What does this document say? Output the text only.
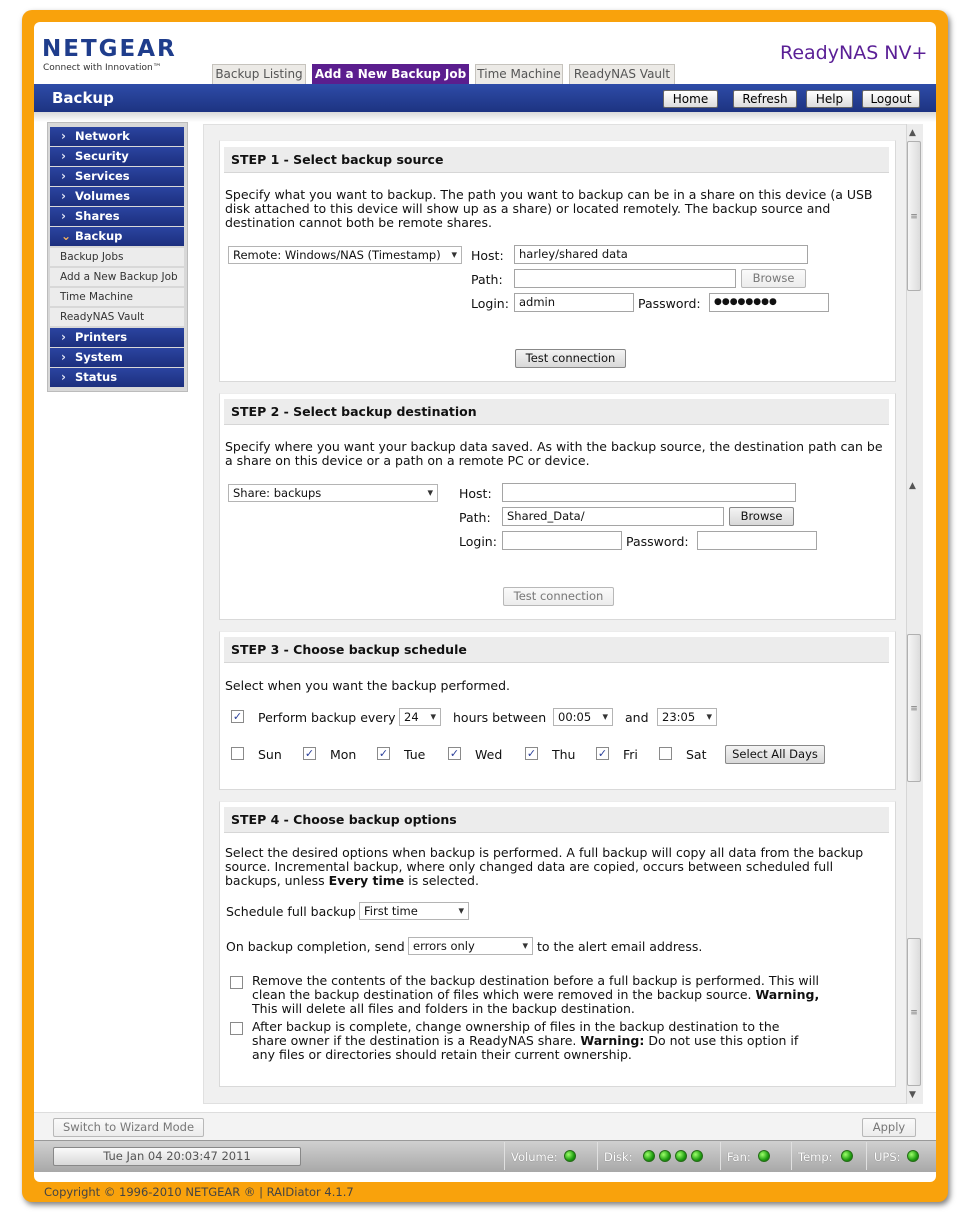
NETGEAR
Connect with Innovation™
ReadyNAS NV+
Backup Listing Add a New Backup Job Time Machine	ReadyNAS Vault
Backup	Home	Refresh	Help	Logout
› Network
› Security
› Services
› Volumes
› Shares
⌄ Backup
Backup Jobs
Add a New Backup Job
Time Machine
ReadyNAS Vault
› Printers
› System
› Status
▲
≡
▲
≡
≡
▼
STEP 1 - Select backup source
Specify what you want to backup. The path you want to backup can be in a share on this device (a USB
disk attached to this device will show up as a share) or located remotely. The backup source and
destination cannot both be remote shares.
Remote: Windows/NAS (Timestamp) ▾	Host:	harley/shared data
Path:	Browse
Login: admin	Password:	●●●●●●●●
Test connection
STEP 2 - Select backup destination
Specify where you want your backup data saved. As with the backup source, the destination path can be
a share on this device or a path on a remote PC or device.
Share: backups ▾	Host:
Path:	Shared_Data/	Browse
Login:	Password:
Test connection
STEP 3 - Choose backup schedule
Select when you want the backup performed.
✓ Perform backup every 24 ▾	hours between	00:05 ▾	and	23:05 ▾
Sun ✓ Mon ✓ Tue ✓ Wed ✓ Thu ✓ Fri	Sat	Select All Days
STEP 4 - Choose backup options
Select the desired options when backup is performed. A full backup will copy all data from the backup
source. Incremental backup, where only changed data are copied, occurs between scheduled full
backups, unless Every time is selected.
Schedule full backup First time ▾
On backup completion, send errors only ▾	to the alert email address.
Remove the contents of the backup destination before a full backup is performed. This will
clean the backup destination of files which were removed in the backup source. Warning,
This will delete all files and folders in the backup destination.
After backup is complete, change ownership of files in the backup destination to the
share owner if the destination is a ReadyNAS share. Warning: Do not use this option if
any files or directories should retain their current ownership.
Switch to Wizard Mode	Apply
Tue Jan 04 20:03:47 2011	Volume:	Disk:	Fan:	Temp:	UPS:
Copyright © 1996-2010 NETGEAR ® | RAIDiator 4.1.7
